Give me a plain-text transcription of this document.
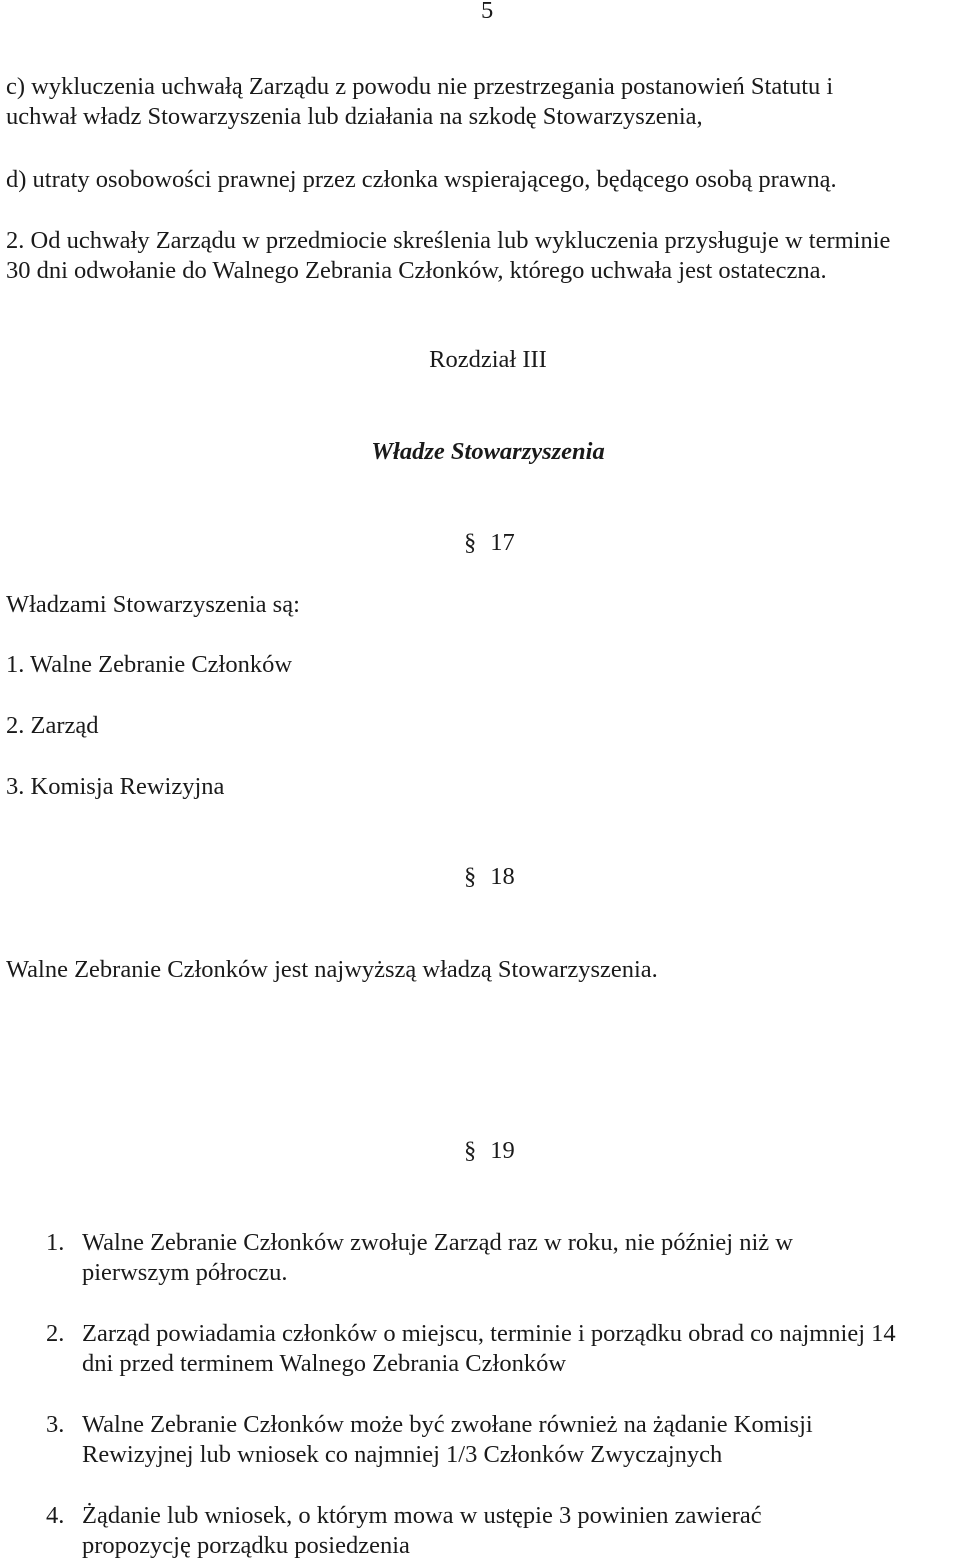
5
c) wykluczenia uchwałą Zarządu z powodu nie przestrzegania postanowień Statutu i
uchwał władz Stowarzyszenia lub działania na szkodę Stowarzyszenia,
d) utraty osobowości prawnej przez członka wspierającego, będącego osobą prawną.
2. Od uchwały Zarządu w przedmiocie skreślenia lub wykluczenia przysługuje w terminie
30 dni odwołanie do Walnego Zebrania Członków, którego uchwała jest ostateczna.
Rozdział III
Władze Stowarzyszenia
§ 17
Władzami Stowarzyszenia są:
1. Walne Zebranie Członków
2. Zarząd
3. Komisja Rewizyjna
§ 18
Walne Zebranie Członków jest najwyższą władzą Stowarzyszenia.
§ 19
1. Walne Zebranie Członków zwołuje Zarząd raz w roku, nie później niż w
pierwszym półroczu.
2. Zarząd powiadamia członków o miejscu, terminie i porządku obrad co najmniej 14
dni przed terminem Walnego Zebrania Członków
3. Walne Zebranie Członków może być zwołane również na żądanie Komisji
Rewizyjnej lub wniosek co najmniej 1/3 Członków Zwyczajnych
4. Żądanie lub wniosek, o którym mowa w ustępie 3 powinien zawierać
propozycję porządku posiedzenia
